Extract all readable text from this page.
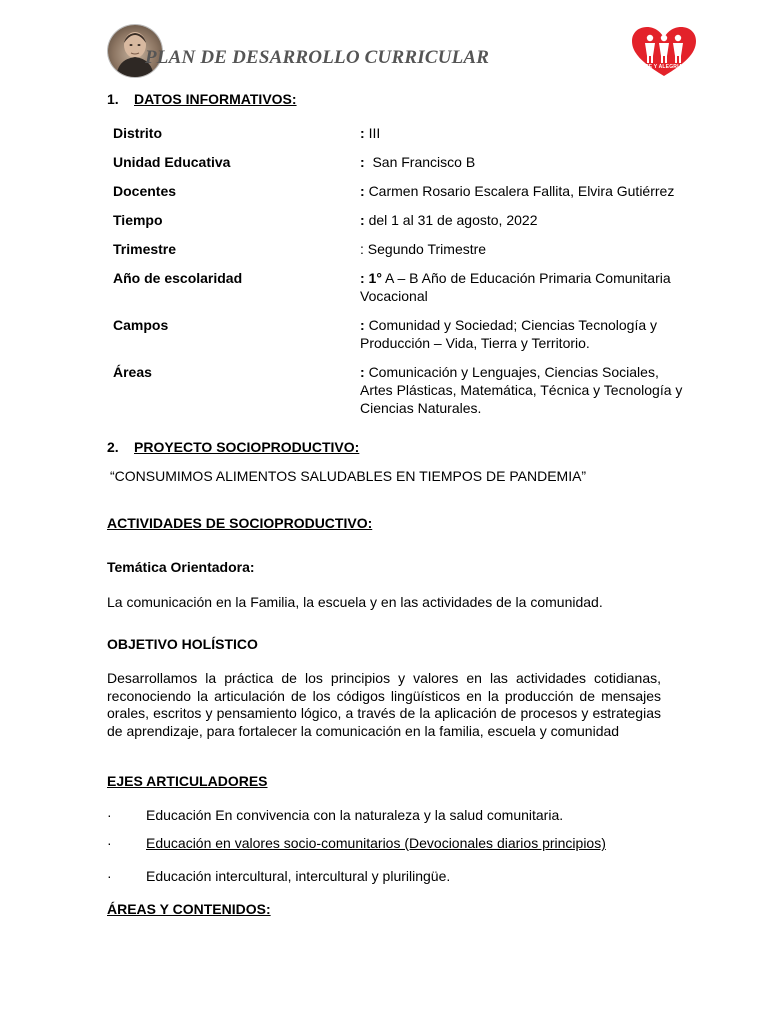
PLAN DE DESARROLLO CURRICULAR	FE Y ALEGRIA
1. DATOS INFORMATIVOS:
Distrito	: III
Unidad Educativa	:  San Francisco B
Docentes	: Carmen Rosario Escalera Fallita, Elvira Gutiérrez
Tiempo	: del 1 al 31 de agosto, 2022
Trimestre	: Segundo Trimestre
Año de escolaridad	: 1° A – B Año de Educación Primaria Comunitaria Vocacional
Campos	: Comunidad y Sociedad; Ciencias Tecnología y Producción – Vida, Tierra y Territorio.
Áreas	: Comunicación y Lenguajes, Ciencias Sociales, Artes Plásticas, Matemática, Técnica y Tecnología y Ciencias Naturales.
2. PROYECTO SOCIOPRODUCTIVO:
“CONSUMIMOS ALIMENTOS SALUDABLES EN TIEMPOS DE PANDEMIA”
ACTIVIDADES DE SOCIOPRODUCTIVO:
Temática Orientadora:
La comunicación en la Familia, la escuela y en las actividades de la comunidad.
OBJETIVO HOLÍSTICO
Desarrollamos la práctica de los principios y valores en las actividades cotidianas, reconociendo la articulación de los códigos lingüísticos en la producción de mensajes orales, escritos y pensamiento lógico, a través de la aplicación de procesos y estrategias de aprendizaje, para fortalecer la comunicación en la familia, escuela y comunidad
EJES ARTICULADORES
· Educación En convivencia con la naturaleza y la salud comunitaria.
· Educación en valores socio-comunitarios (Devocionales diarios principios)
· Educación intercultural, intercultural y plurilingüe.
ÁREAS Y CONTENIDOS:
